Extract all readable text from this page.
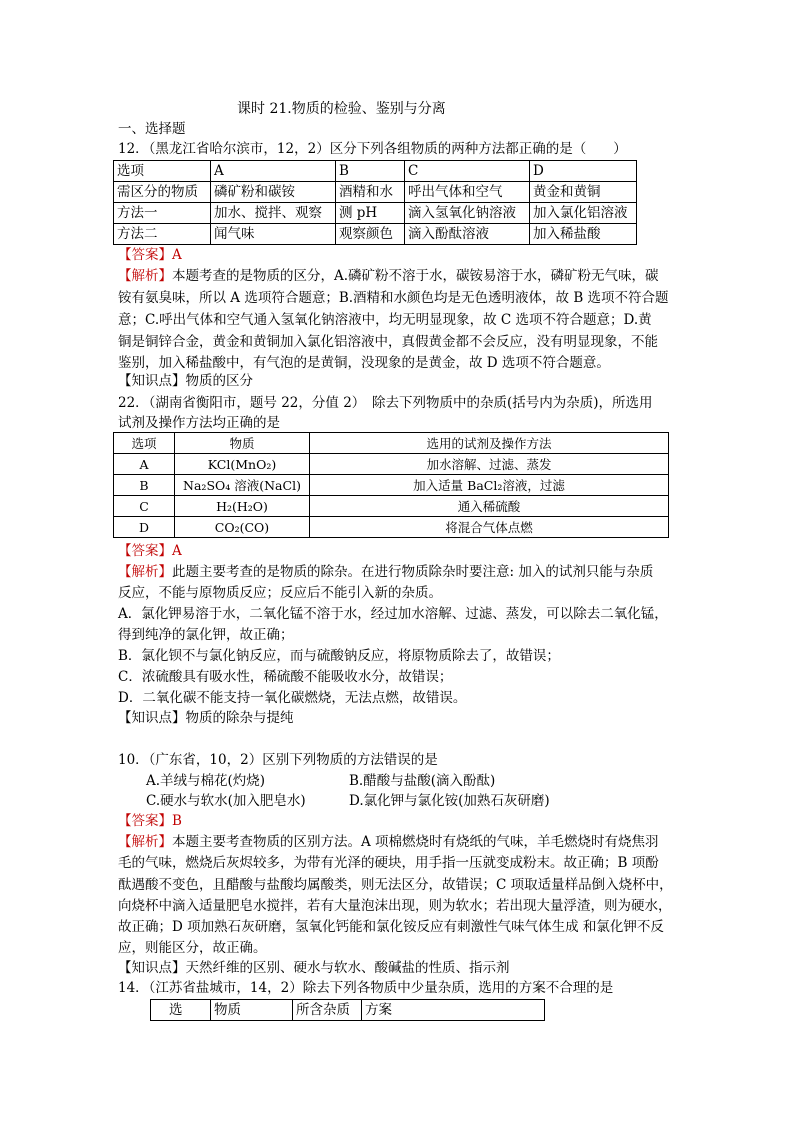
课时 21.物质的检验、鉴别与分离
一、选择题
12．（黑龙江省哈尔滨市，12，2）区分下列各组物质的两种方法都正确的是（　　）
选项	A	B	C	D
需区分的物质	磷矿粉和碳铵	酒精和水	呼出气体和空气	黄金和黄铜
方法一	加水、搅拌、观察	测 pH	滴入氢氧化钠溶液	加入氯化铝溶液
方法二	闻气味	观察颜色	滴入酚酞溶液	加入稀盐酸
【答案】A
【解析】本题考查的是物质的区分，A.磷矿粉不溶于水，碳铵易溶于水，磷矿粉无气味，碳
铵有氨臭味，所以 A 选项符合题意；B.酒精和水颜色均是无色透明液体，故 B 选项不符合题
意；C.呼出气体和空气通入氢氧化钠溶液中，均无明显现象，故 C 选项不符合题意；D.黄
铜是铜锌合金，黄金和黄铜加入氯化铝溶液中，真假黄金都不会反应，没有明显现象，不能
鉴别，加入稀盐酸中，有气泡的是黄铜，没现象的是黄金，故 D 选项不符合题意。
【知识点】物质的区分
22．（湖南省衡阳市，题号 22，分值 2）　除去下列物质中的杂质(括号内为杂质)，所选用
试剂及操作方法均正确的是
选项	物质	选用的试剂及操作方法
A	KCl(MnO₂)	加水溶解、过滤、蒸发
B	Na₂SO₄ 溶液(NaCl)	加入适量 BaCl₂溶液，过滤
C	H₂(H₂O)	通入稀硫酸
D	CO₂(CO)	将混合气体点燃
【答案】A
【解析】此题主要考查的是物质的除杂。在进行物质除杂时要注意: 加入的试剂只能与杂质
反应，不能与原物质反应；反应后不能引入新的杂质。
A．氯化钾易溶于水，二氧化锰不溶于水，经过加水溶解、过滤、蒸发，可以除去二氧化锰，
得到纯净的氯化钾，故正确；
B．氯化钡不与氯化钠反应，而与硫酸钠反应，将原物质除去了，故错误；
C．浓硫酸具有吸水性，稀硫酸不能吸收水分，故错误；
D．二氧化碳不能支持一氧化碳燃烧，无法点燃，故错误。
【知识点】物质的除杂与提纯
10．（广东省，10，2）区别下列物质的方法错误的是
A.羊绒与棉花(灼烧)	B.醋酸与盐酸(滴入酚酞)
C.硬水与软水(加入肥皂水)	D.氯化钾与氯化铵(加熟石灰研磨)
【答案】B
【解析】本题主要考查物质的区别方法。A 项棉燃烧时有烧纸的气味，羊毛燃烧时有烧焦羽
毛的气味，燃烧后灰烬较多，为带有光泽的硬块，用手指一压就变成粉末。故正确；B 项酚
酞遇酸不变色，且醋酸与盐酸均属酸类，则无法区分，故错误；C 项取适量样品倒入烧杯中，
向烧杯中滴入适量肥皂水搅拌，若有大量泡沫出现，则为软水；若出现大量浮渣，则为硬水，
故正确；D 项加熟石灰研磨，氢氧化钙能和氯化铵反应有刺激性气味气体生成 和氯化钾不反
应，则能区分，故正确。
【知识点】天然纤维的区别、硬水与软水、酸碱盐的性质、指示剂
14．（江苏省盐城市，14，2）除去下列各物质中少量杂质，选用的方案不合理的是
选	物质	所含杂质	方案
